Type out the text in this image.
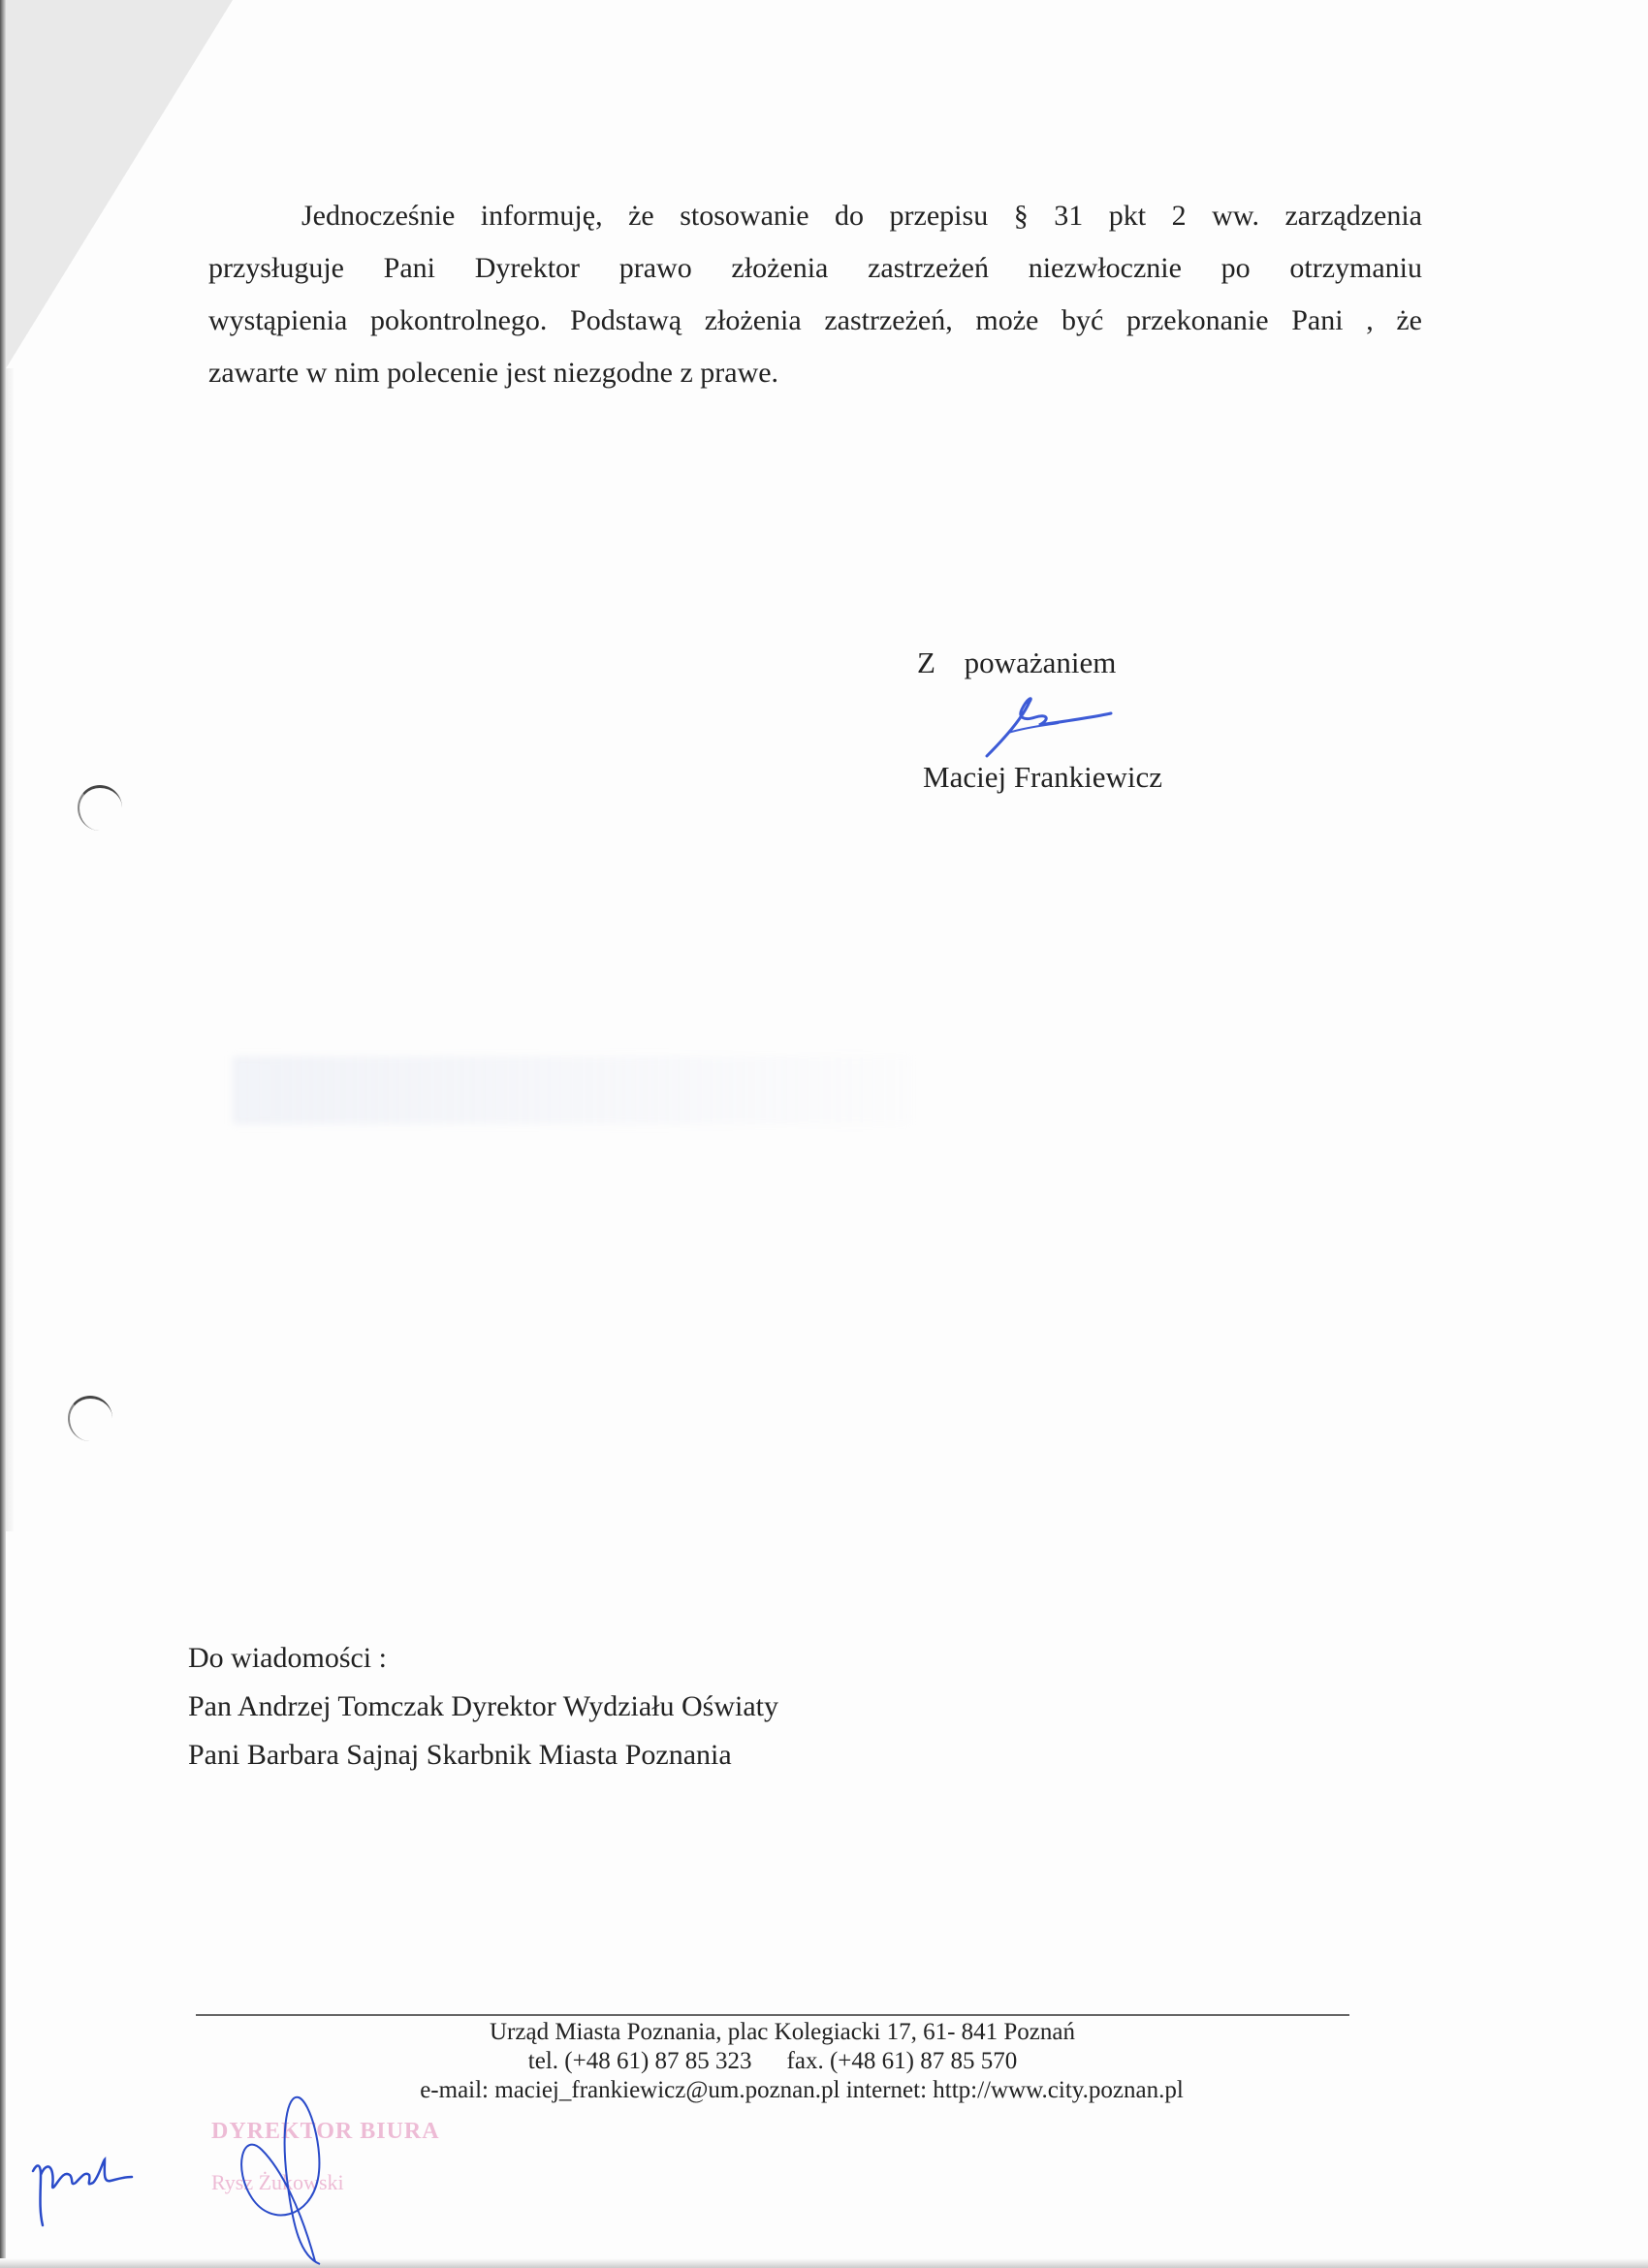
Jednocześnie informuję, że stosowanie do przepisu § 31 pkt 2 ww. zarządzenia
przysługuje Pani Dyrektor prawo złożenia zastrzeżeń niezwłocznie po otrzymaniu
wystąpienia pokontrolnego. Podstawą złożenia zastrzeżeń, może być przekonanie Pani , że
zawarte w nim polecenie jest niezgodne z prawe.
Z poważaniem
Maciej Frankiewicz
Do wiadomości :
Pan Andrzej Tomczak Dyrektor Wydziału Oświaty
Pani Barbara Sajnaj Skarbnik Miasta Poznania
Urząd Miasta Poznania, plac Kolegiacki 17, 61- 841 Poznań
tel. (+48 61) 87 85 323 fax. (+48 61) 87 85 570
e-mail: maciej_frankiewicz@um.poznan.pl internet: http://www.city.poznan.pl
DYREKTOR BIURA
Rysz Żukowski
